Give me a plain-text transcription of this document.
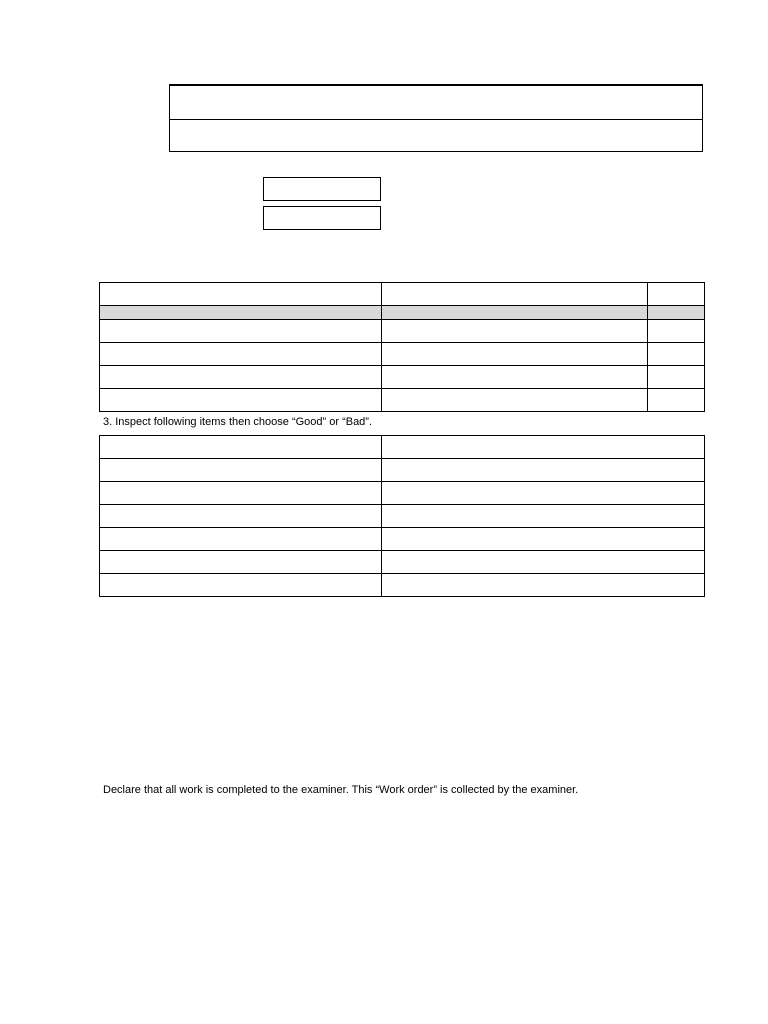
3. Inspect following items then choose “Good” or “Bad”.

Declare that all work is completed to the examiner. This “Work order” is collected by the examiner.
